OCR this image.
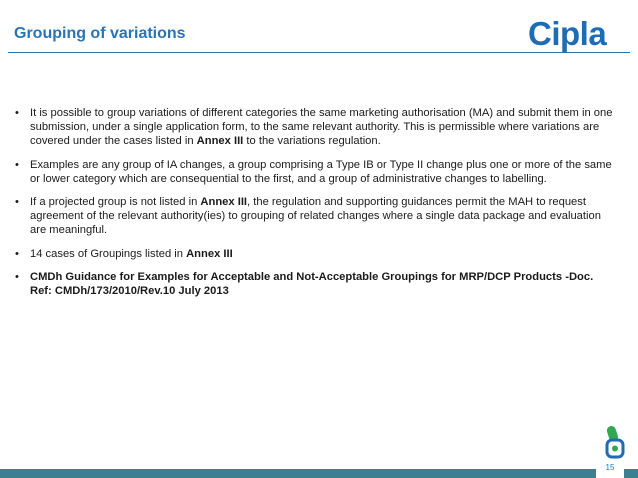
Grouping of variations	Cipla
• It is possible to group variations of different categories the same marketing authorisation (MA) and submit them in one submission, under a single application form, to the same relevant authority. This is permissible where variations are covered under the cases listed in Annex III to the variations regulation.
• Examples are any group of IA changes, a group comprising a Type IB or Type II change plus one or more of the same or lower category which are consequential to the first, and a group of administrative changes to labelling.
• If a projected group is not listed in Annex III, the regulation and supporting guidances permit the MAH to request agreement of the relevant authority(ies) to grouping of related changes where a single data package and evaluation are meaningful.
• 14 cases of Groupings listed in Annex III
• CMDh Guidance for Examples for Acceptable and Not-Acceptable Groupings for MRP/DCP Products -Doc. Ref: CMDh/173/2010/Rev.10 July 2013
15
